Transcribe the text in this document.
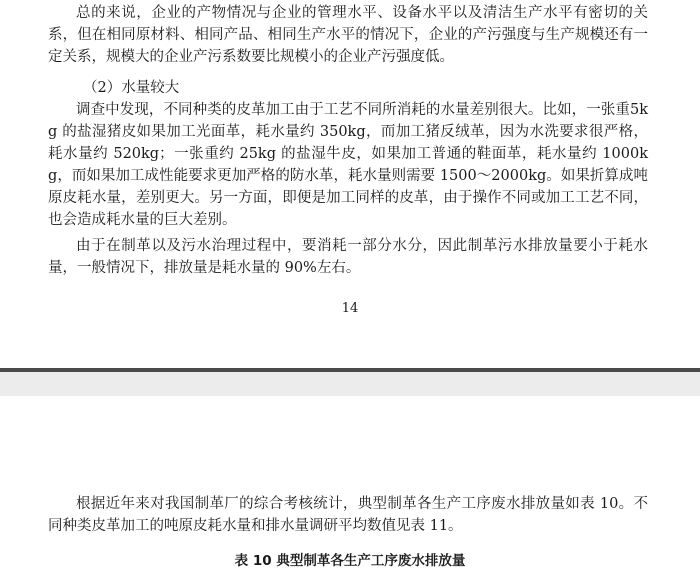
总的来说，企业的产物情况与企业的管理水平、设备水平以及清洁生产水平有密切的关系，但在相同原材料、相同产品、相同生产水平的情况下，企业的产污强度与生产规模还有一定关系，规模大的企业产污系数要比规模小的企业产污强度低。

（2）水量较大

调查中发现，不同种类的皮革加工由于工艺不同所消耗的水量差别很大。比如，一张重5kg 的盐湿猪皮如果加工光面革，耗水量约 350kg，而加工猪反绒革，因为水洗要求很严格，耗水量约 520kg；一张重约 25kg 的盐湿牛皮，如果加工普通的鞋面革，耗水量约 1000kg，而如果加工成性能要求更加严格的防水革，耗水量则需要 1500～2000kg。如果折算成吨原皮耗水量，差别更大。另一方面，即便是加工同样的皮革，由于操作不同或加工工艺不同，也会造成耗水量的巨大差别。

由于在制革以及污水治理过程中，要消耗一部分水分，因此制革污水排放量要小于耗水量，一般情况下，排放量是耗水量的 90%左右。

14

根据近年来对我国制革厂的综合考核统计，典型制革各生产工序废水排放量如表 10。不同种类皮革加工的吨原皮耗水量和排水量调研平均数值见表 11。

表 10 典型制革各生产工序废水排放量
